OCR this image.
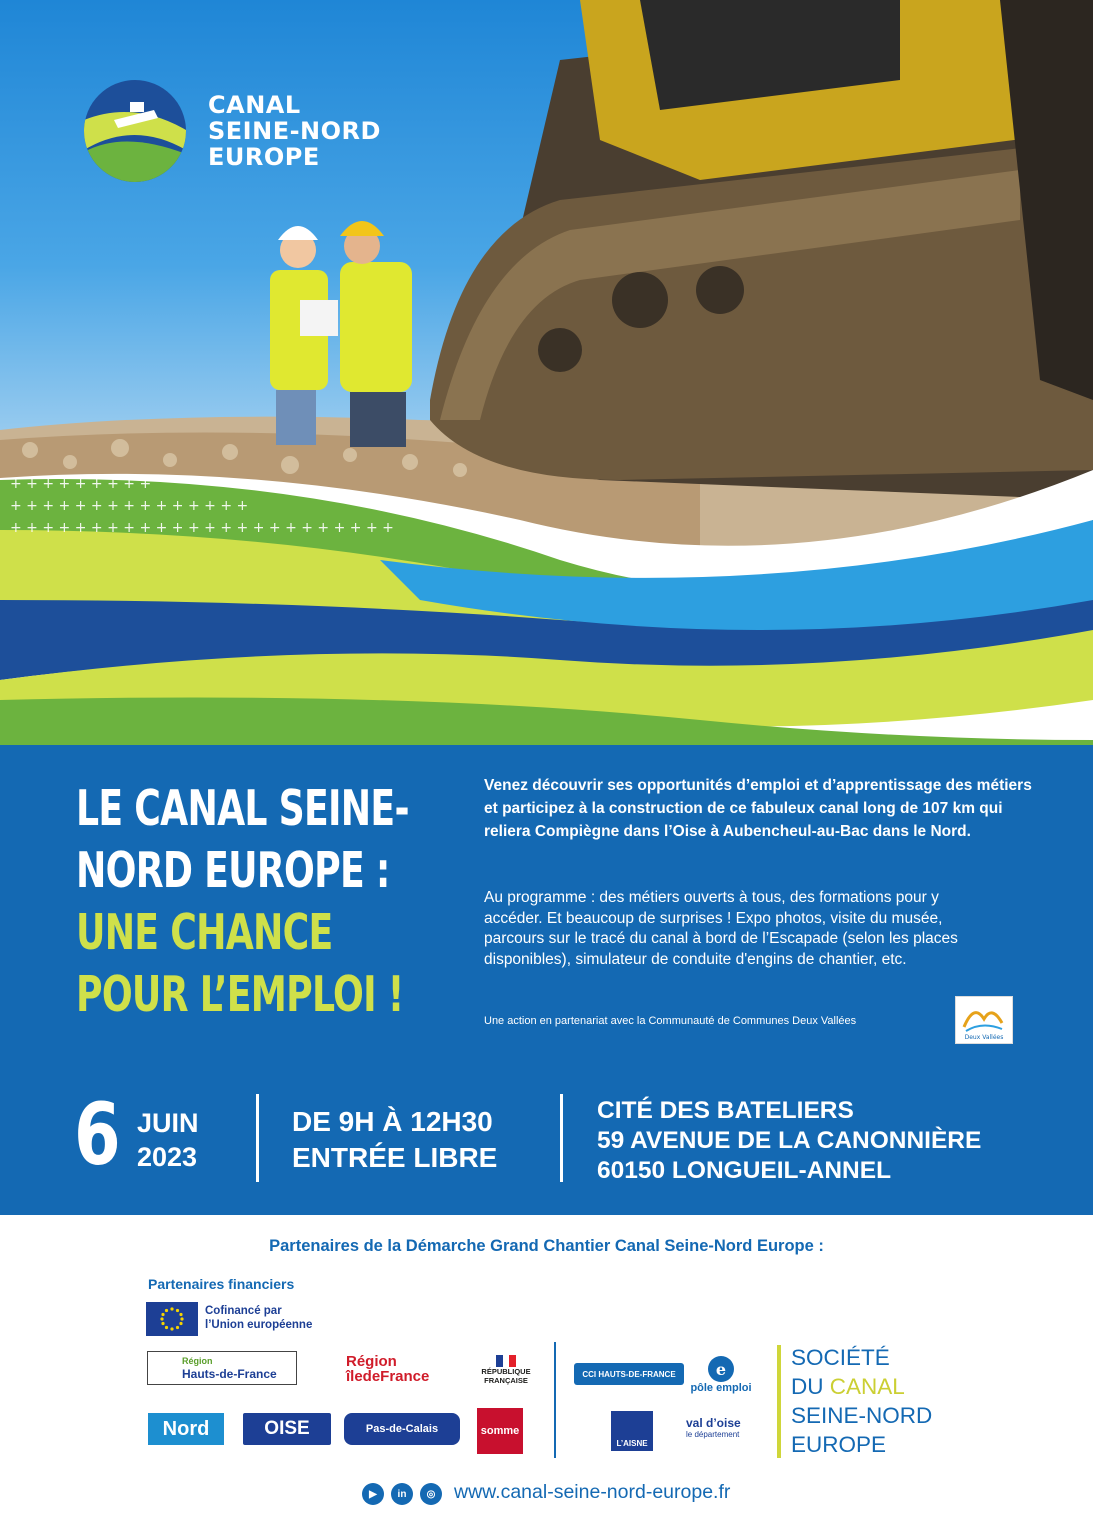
+ + + + + + + + +
+ + + + + + + + + + + + + + +
+ + + + + + + + + + + + + + + + + + + + + + + +
CANAL
SEINE-NORD
EUROPE
LE CANAL SEINE-
NORD EUROPE :
UNE CHANCE
POUR L’EMPLOI !

Venez découvrir ses opportunités d’emploi et d’apprentissage des métiers et participez à la construction de ce fabuleux canal long de 107 km qui reliera Compiègne dans l’Oise à Aubencheul-au-Bac dans le Nord.

Au programme : des métiers ouverts à tous, des formations pour y accéder. Et beaucoup de surprises ! Expo photos, visite du musée, parcours sur le tracé du canal à bord de l’Escapade (selon les places disponibles), simulateur de conduite d'engins de chantier, etc.

Une action en partenariat avec la Communauté de Communes Deux Vallées

Deux Vallées
6 JUIN
2023
DE 9H À 12H30
ENTRÉE LIBRE
CITÉ DES BATELIERS
59 AVENUE DE LA CANONNIÈRE
60150 LONGUEIL-ANNEL
Partenaires de la Démarche Grand Chantier Canal Seine-Nord Europe :
Partenaires financiers
Cofinancé par
l’Union européenne
Région
Hauts-de-France
Région
îledeFrance	RÉPUBLIQUE
FRANÇAISE
CCI HAUTS-DE-FRANCE	e
pôle emploi
SOCIÉTÉ
DU CANAL
SEINE-NORD
EUROPE
Nord	OISE	Pas-de-Calais	somme
L’AISNE
val d’oise
le département
▶	in	◎ www.canal-seine-nord-europe.fr
